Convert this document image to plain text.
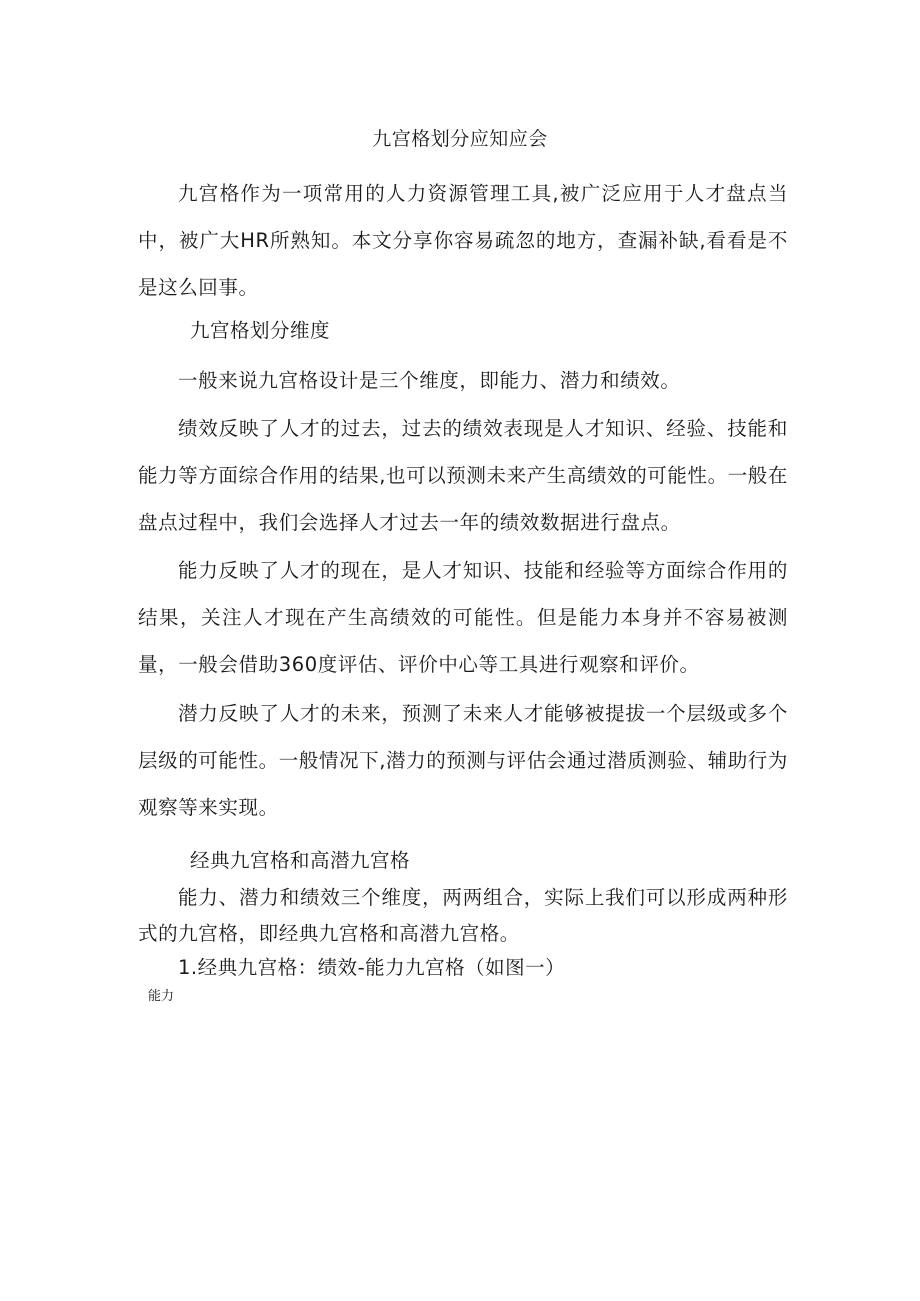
九宫格划分应知应会

九宫格作为一项常用的人力资源管理工具,被广泛应用于人才盘点当中，被广大HR所熟知。本文分享你容易疏忽的地方，查漏补缺,看看是不是这么回事。

九宫格划分维度

一般来说九宫格设计是三个维度，即能力、潜力和绩效。

绩效反映了人才的过去，过去的绩效表现是人才知识、经验、技能和能力等方面综合作用的结果,也可以预测未来产生高绩效的可能性。一般在盘点过程中，我们会选择人才过去一年的绩效数据进行盘点。

能力反映了人才的现在，是人才知识、技能和经验等方面综合作用的结果，关注人才现在产生高绩效的可能性。但是能力本身并不容易被测量，一般会借助360度评估、评价中心等工具进行观察和评价。

潜力反映了人才的未来，预测了未来人才能够被提拔一个层级或多个层级的可能性。一般情况下,潜力的预测与评估会通过潜质测验、辅助行为观察等来实现。

经典九宫格和高潜九宫格

能力、潜力和绩效三个维度，两两组合，实际上我们可以形成两种形式的九宫格，即经典九宫格和高潜九宫格。

1.经典九宫格：绩效-能力九宫格（如图一）
能力
